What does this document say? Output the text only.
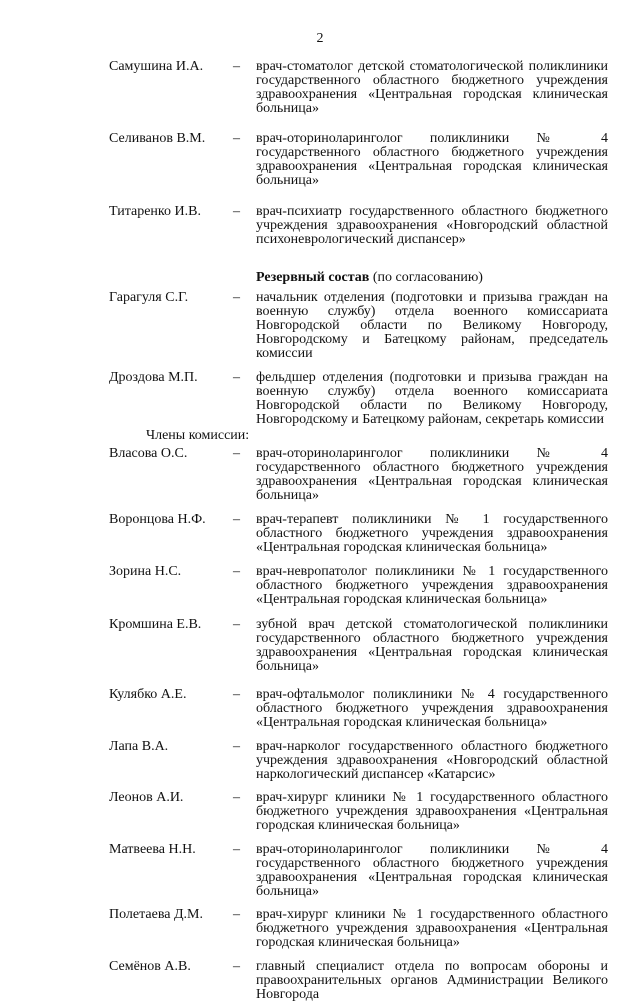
2
Самушина И.А. – врач-стоматолог детской стоматологической поликлиники государственного областного бюджетного учреждения здравоохранения «Центральная городская клиническая больница»
Селиванов В.М. – врач-оториноларинголог поликлиники № 4 государственного областного бюджетного учреждения здравоохранения «Центральная городская клиническая больница»
Титаренко И.В. – врач-психиатр государственного областного бюджетного учреждения здравоохранения «Новгородский областной психоневрологический диспансер»
Резервный состав (по согласованию)
Гарагуля С.Г.	– начальник отделения (подготовки и призыва граждан на военную службу) отдела военного комиссариата Новгородской области по Великому Новгороду, Новгородскому и Батецкому районам, председатель комиссии
Дроздова М.П.	– фельдшер отделения (подготовки и призыва граждан на военную службу) отдела военного комиссариата Новгородской области по Великому Новгороду, Новгородскому и Батецкому районам, секретарь комиссии
Члены комиссии:
Власова О.С.	– врач-оториноларинголог поликлиники № 4 государственного областного бюджетного учреждения здравоохранения «Центральная городская клиническая больница»
Воронцова Н.Ф. – врач-терапевт поликлиники № 1 государственного областного бюджетного учреждения здравоохранения «Центральная городская клиническая больница»
Зорина Н.С.	– врач-невропатолог поликлиники № 1 государственного областного бюджетного учреждения здравоохранения «Центральная городская клиническая больница»
Кромшина Е.В. – зубной врач детской стоматологической поликлиники государственного областного бюджетного учреждения здравоохранения «Центральная городская клиническая больница»
Кулябко А.Е.	– врач-офтальмолог поликлиники № 4 государственного областного бюджетного учреждения здравоохранения «Центральная городская клиническая больница»
Лапа В.А.	– врач-нарколог государственного областного бюджетного учреждения здравоохранения «Новгородский областной наркологический диспансер «Катарсис»
Леонов А.И.	– врач-хирург клиники № 1 государственного областного бюджетного учреждения здравоохранения «Центральная городская клиническая больница»
Матвеева Н.Н.	– врач-оториноларинголог поликлиники № 4 государственного областного бюджетного учреждения здравоохранения «Центральная городская клиническая больница»
Полетаева Д.М. – врач-хирург клиники № 1 государственного областного бюджетного учреждения здравоохранения «Центральная городская клиническая больница»
Семёнов А.В.	– главный специалист отдела по вопросам обороны и правоохранительных органов Администрации Великого Новгорода
